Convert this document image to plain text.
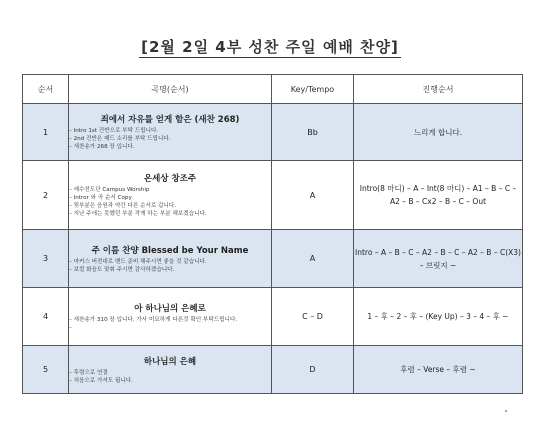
[2월 2일 4부 성찬 주일 예배 찬양]
순서	곡명(순서)	Key/Tempo	진행순서
1	죄에서 자유를 얻게 함은 (새찬 268)
– Intro 1st 건반으로 부탁 드립니다.
– 2nd 건반은 패드 소리를 부탁 드립니다.
– 새찬송가 268 장 입니다.	Bb	느리게 합니다.
2	온세상 창조주
– 예수전도단 Campus Worship
– Intror 와 곡 순서 Copy
– 뒷부분은 음원과 약간 다른 순서로 갑니다.
– 지난 주에는 못했던 부분 작게 하는 부분 해보겠습니다.	A	Intro(8 마디) – A – Int(8 마디) – A1 – B – C – A2 – B – Cx2 – B – C – Out
3	주 이름 찬양 Blessed be Your Name
– 마커스 버전대로 밴드 준비 해주시면 좋을 것 같습니다.
– 보컬 화음도 맞춰 주시면 감사하겠습니다.	A	Intro – A – B – C – A2 – B – C – A2 – B – C(X3) – 브릿지 ~
4	아 하나님의 은혜로
– 새찬송가 310 장 입니다. 가사 미묘하게 다른것 확인 부탁드립니다.
–	C – D	1 – 후 – 2 – 후 – (Key Up) – 3 – 4 – 후 ~
5	하나님의 은혜
– 후렴으로 연결
– 처음으로 가셔도 됩니다.	D	후렴 – Verse – 후렴 ~
